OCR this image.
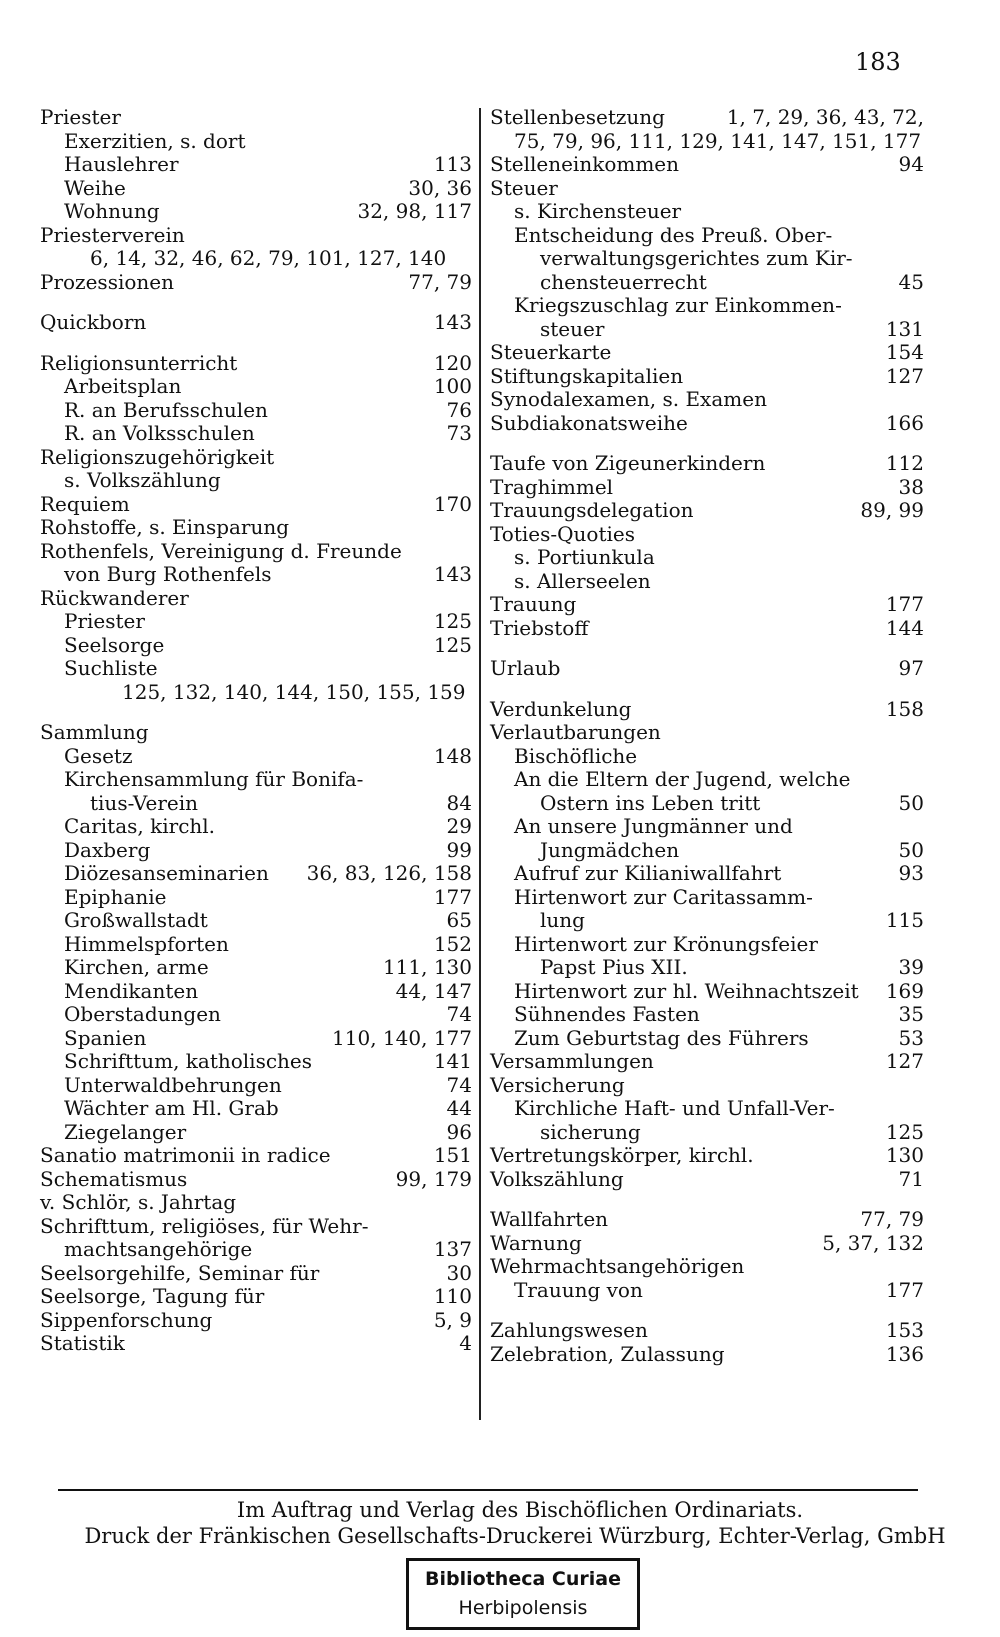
183
Priester
Exerzitien, s. dort
Hauslehrer	113
Weihe	30, 36
Wohnung	32, 98, 117
Priesterverein
6, 14, 32, 46, 62, 79, 101, 127, 140
Prozessionen	77, 79
Quickborn	143
Religionsunterricht	120
Arbeitsplan	100
R. an Berufsschulen	76
R. an Volksschulen	73
Religionszugehörigkeit
s. Volkszählung
Requiem	170
Rohstoffe, s. Einsparung
Rothenfels, Vereinigung d. Freunde
von Burg Rothenfels	143
Rückwanderer
Priester	125
Seelsorge	125
Suchliste
125, 132, 140, 144, 150, 155, 159
Sammlung
Gesetz	148
Kirchensammlung für Bonifa-
tius-Verein	84
Caritas, kirchl.	29
Daxberg	99
Diözesanseminarien 36, 83, 126, 158
Epiphanie	177
Großwallstadt	65
Himmelspforten	152
Kirchen, arme	111, 130
Mendikanten	44, 147
Oberstadungen	74
Spanien	110, 140, 177
Schrifttum, katholisches	141
Unterwaldbehrungen	74
Wächter am Hl. Grab	44
Ziegelanger	96
Sanatio matrimonii in radice	151
Schematismus	99, 179
v. Schlör, s. Jahrtag
Schrifttum, religiöses, für Wehr-
machtsangehörige	137
Seelsorgehilfe, Seminar für	30
Seelsorge, Tagung für	110
Sippenforschung	5, 9
Statistik	4
Stellenbesetzung	1, 7, 29, 36, 43, 72,
75, 79, 96, 111, 129, 141, 147, 151, 177
Stelleneinkommen	94
Steuer
s. Kirchensteuer
Entscheidung des Preuß. Ober-
verwaltungsgerichtes zum Kir-
chensteuerrecht	45
Kriegszuschlag zur Einkommen-
steuer	131
Steuerkarte	154
Stiftungskapitalien	127
Synodalexamen, s. Examen
Subdiakonatsweihe	166
Taufe von Zigeunerkindern	112
Traghimmel	38
Trauungsdelegation	89, 99
Toties-Quoties
s. Portiunkula
s. Allerseelen
Trauung	177
Triebstoff	144
Urlaub	97
Verdunkelung	158
Verlautbarungen
Bischöfliche
An die Eltern der Jugend, welche
Ostern ins Leben tritt	50
An unsere Jungmänner und
Jungmädchen	50
Aufruf zur Kilianiwallfahrt	93
Hirtenwort zur Caritassamm-
lung	115
Hirtenwort zur Krönungsfeier
Papst Pius XII.	39
Hirtenwort zur hl. Weihnachtszeit 169
Sühnendes Fasten	35
Zum Geburtstag des Führers	53
Versammlungen	127
Versicherung
Kirchliche Haft- und Unfall-Ver-
sicherung	125
Vertretungskörper, kirchl.	130
Volkszählung	71
Wallfahrten	77, 79
Warnung	5, 37, 132
Wehrmachtsangehörigen
Trauung von	177
Zahlungswesen	153
Zelebration, Zulassung	136
Im Auftrag und Verlag des Bischöflichen Ordinariats.
Druck der Fränkischen Gesellschafts-Druckerei Würzburg, Echter-Verlag, GmbH
Bibliotheca Curiae
Herbipolensis
